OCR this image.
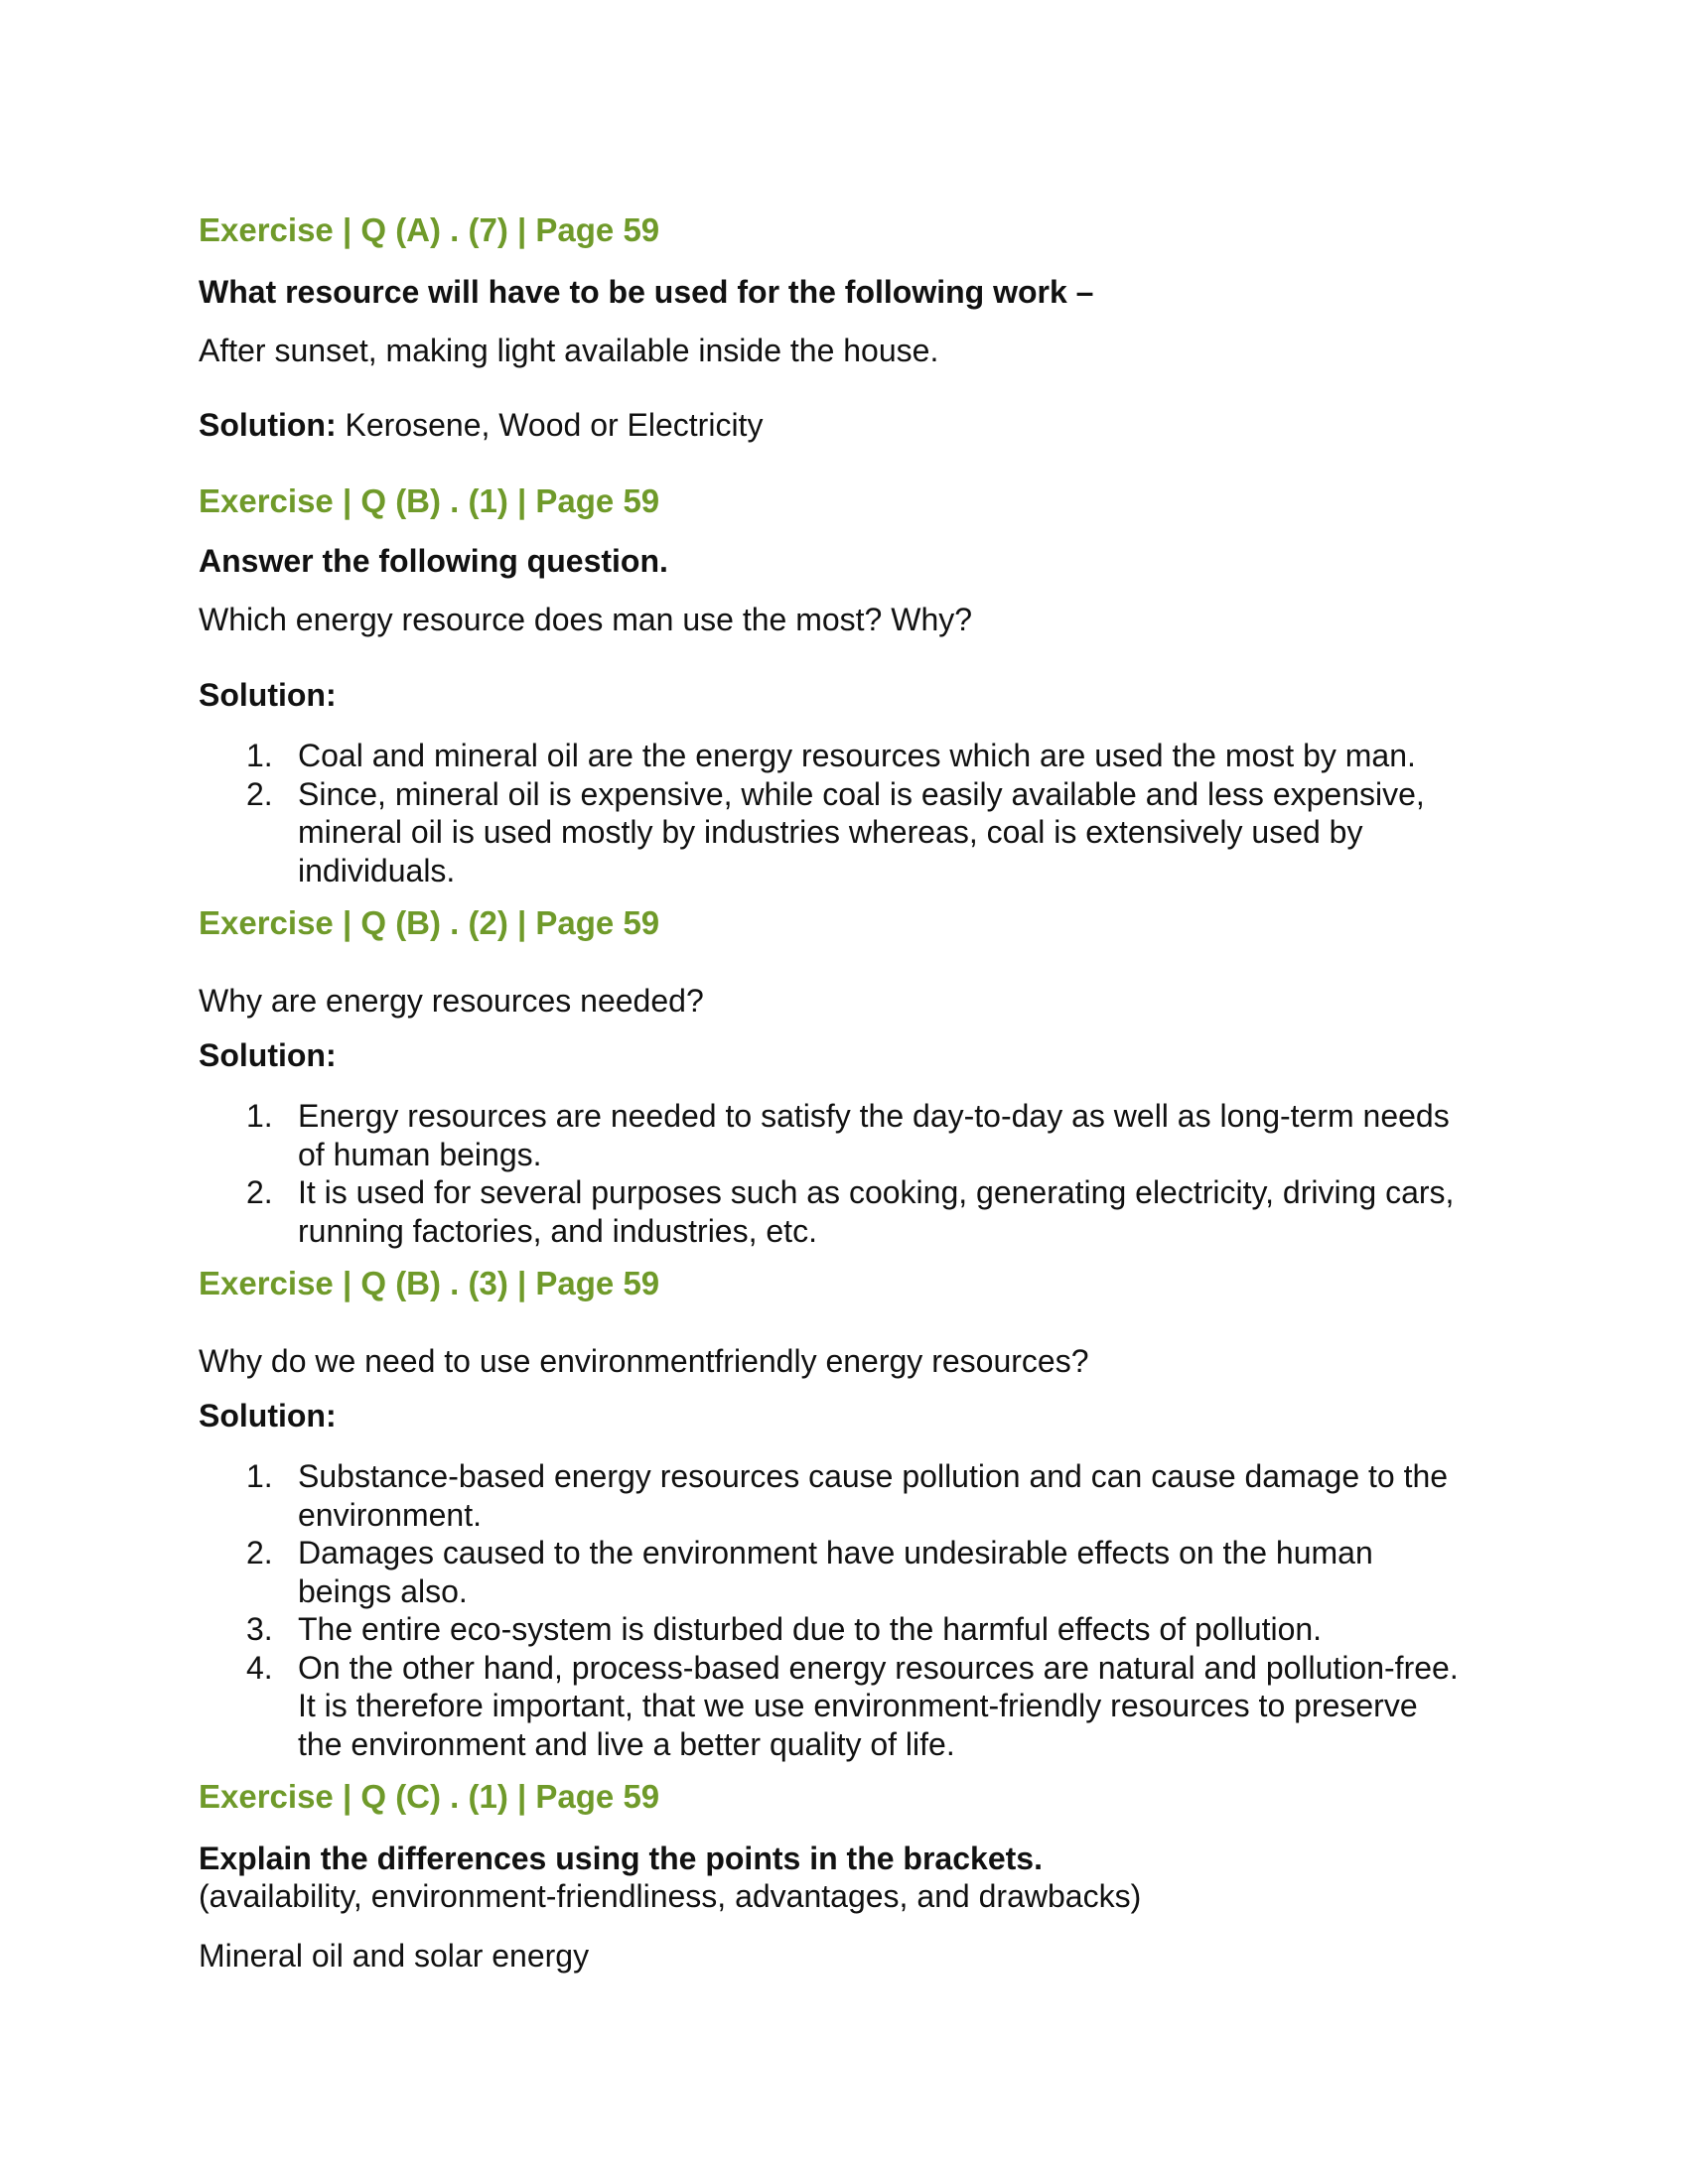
Exercise | Q (A) . (7) | Page 59
What resource will have to be used for the following work –
After sunset, making light available inside the house.
Solution: Kerosene, Wood or Electricity
Exercise | Q (B) . (1) | Page 59
Answer the following question.
Which energy resource does man use the most? Why?
Solution:
1. Coal and mineral oil are the energy resources which are used the most by man.
2. Since, mineral oil is expensive, while coal is easily available and less expensive, mineral oil is used mostly by industries whereas, coal is extensively used by individuals.
Exercise | Q (B) . (2) | Page 59
Why are energy resources needed?
Solution:
1. Energy resources are needed to satisfy the day-to-day as well as long-term needs of human beings.
2. It is used for several purposes such as cooking, generating electricity, driving cars, running factories, and industries, etc.
Exercise | Q (B) . (3) | Page 59
Why do we need to use environmentfriendly energy resources?
Solution:
1. Substance-based energy resources cause pollution and can cause damage to the environment.
2. Damages caused to the environment have undesirable effects on the human beings also.
3. The entire eco-system is disturbed due to the harmful effects of pollution.
4. On the other hand, process-based energy resources are natural and pollution-free. It is therefore important, that we use environment-friendly resources to preserve the environment and live a better quality of life.
Exercise | Q (C) . (1) | Page 59
Explain the differences using the points in the brackets.
(availability, environment-friendliness, advantages, and drawbacks)
Mineral oil and solar energy
